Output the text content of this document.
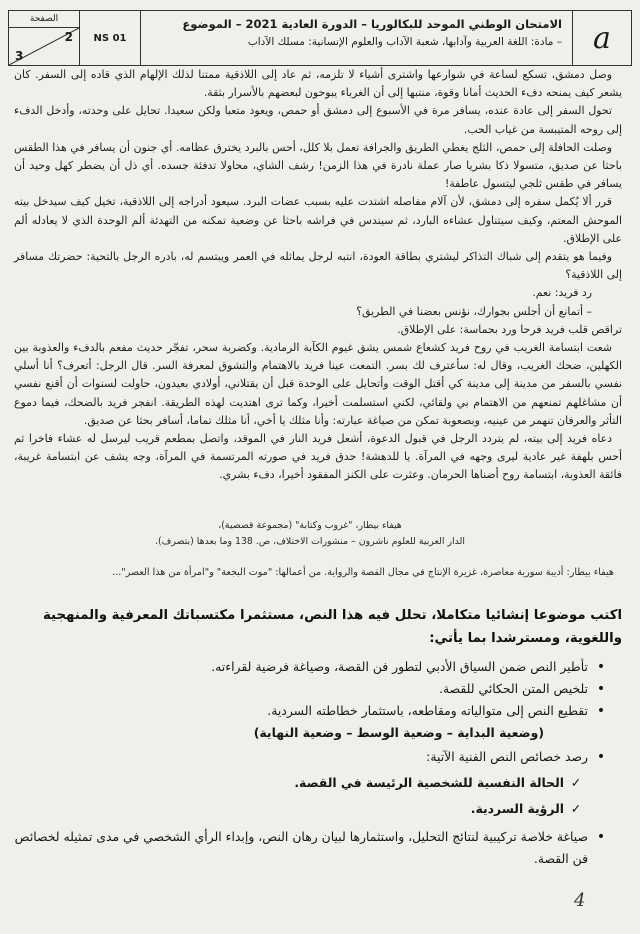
الصفحة
2
3
NS 01
الامتحان الوطني الموحد للبكالوريا – الدورة العادية 2021 – الموضوع
– مادة: اللغة العربية وآدابها، شعبة الآداب والعلوم الإنسانية: مسلك الآداب	a

وصل دمشق، تسكع لساعة في شوارعها واشترى أشياء لا تلزمه، ثم عاد إلى اللاذقية ممتنا لذلك الإلهام الذي قاده إلى السفر. كان يشعر كيف يمنحه دفء الحديث أمانا وقوة، منتبها إلى أن الغرباء يبوحون لبعضهم بالأسرار بثقة.

تحول السفر إلى عادة عنده، يسافر مرة في الأسبوع إلى دمشق أو حمص، ويعود متعبا ولكن سعيدا. تحايل على وحدته، وأدخل الدفء إلى روحه المتيبسة من غياب الحب.

وصلت الحافلة إلى حمص، الثلج يغطي الطريق والجرافة تعمل بلا كلل، أحس بالبرد يخترق عظامه. أي جنون أن يسافر في هذا الطقس باحثا عن صديق، متسولا ذكا بشريا صار عملة نادرة في هذا الزمن! رشف الشاي، محاولا تدفئة جسده. أي ذل أن يضطر كهل وحيد أن يسافر في طقس ثلجي ليتسول عاطفة!

قرر ألا يُكمل سفره إلى دمشق، لأن آلام مفاصله اشتدت عليه بسبب عضات البرد. سيعود أدراجه إلى اللاذقية، تخيل كيف سيدخل بيته الموحش المعتم، وكيف سيتناول عشاءه البارد، ثم سيندس في فراشه باحثا عن وضعية تمكنه من التهدئة ألم الوحدة الذي لا يعادله ألم على الإطلاق.

وفيما هو يتقدم إلى شباك التذاكر ليشتري بطاقة العودة، انتبه لرجل يماثله في العمر ويبتسم له، بادره الرجل بالتحية: حضرتك مسافر إلى اللاذقية؟

رد فريد: نعم.

– أتمانع أن أجلس بجوارك، نؤنس بعضنا في الطريق؟

تراقص قلب فريد فرحا ورد بحماسة: على الإطلاق.

شعت ابتسامة الغريب في روح فريد كشعاع شمس يشق غيوم الكآبة الرمادية. وكضربة سحر، تفجّر حديث مفعم بالدفء والعذوبة بين الكهلين، ضحك الغريب، وقال له: سأعترف لك بسر. التمعت عينا فريد بالاهتمام والتشوق لمعرفة السر. قال الرجل: أتعرف؟ أنا أسلي نفسي بالسفر من مدينة إلى مدينة كي أقتل الوقت وأتحايل على الوحدة قبل أن يقتلاني، أولادي بعيدون، حاولت لسنوات أن أقنع نفسي أن مشاغلهم تمنعهم من الاهتمام بي ولقائي، لكني استسلمت أخيرا، وكما ترى اهتديت لهذه الطريقة. انفجر فريد بالضحك، فيما دموع التأثر والعرفان تنهمر من عينيه، وبصعوبة تمكن من صياغة عبارته: وأنا مثلك يا أخي، أنا مثلك تماما، أسافر بحثا عن صديق.

دعاه فريد إلى بيته، لم يتردد الرجل في قبول الدعوة، أشعل فريد النار في الموقد، واتصل بمطعم قريب ليرسل له عشاء فاخرا ثم أحس بلهفة غير عادية ليرى وجهه في المرآة. يا للدهشة! حدق فريد في صورته المرتسمة في المرآة، وجه يشف عن ابتسامة غريبة، فائقة العذوبة، ابتسامة روح أضناها الحرمان. وعثرت على الكنز المفقود أخيرا، دفء بشري.

هيفاء بيطار، "غروب وكتابة" (مجموعة قصصية)،
الدار العربية للعلوم ناشرون – منشورات الاختلاف، ص. 138 وما بعدها (بتصرف).
هيفاء بيطار: أديبة سورية معاصرة، غزيرة الإنتاج في مجال القصة والرواية. من أعمالها: "موت البجعة" و"امرأة من هذا العصر"...
اكتب موضوعا إنشائيا متكاملا، تحلل فيه هذا النص، مستثمرا مكتسباتك المعرفية والمنهجية واللغوية، ومسترشدا بما يأتي:
•
تأطير النص ضمن السياق الأدبي لتطور فن القصة، وصياغة فرضية لقراءته.
•
تلخيص المتن الحكائي للقصة.
•
تقطيع النص إلى متوالياته ومقاطعه، باستثمار خطاطته السردية.
(وضعية البداية – وضعية الوسط – وضعية النهاية)
•
رصد خصائص النص الفنية الآتية:
✓
الحالة النفسية للشخصية الرئيسة في القصة.
✓
الرؤية السردية.
•
صياغة خلاصة تركيبية لنتائج التحليل، واستثمارها لبيان رهان النص، وإبداء الرأي الشخصي في مدى تمثيله لخصائص فن القصة.
4
